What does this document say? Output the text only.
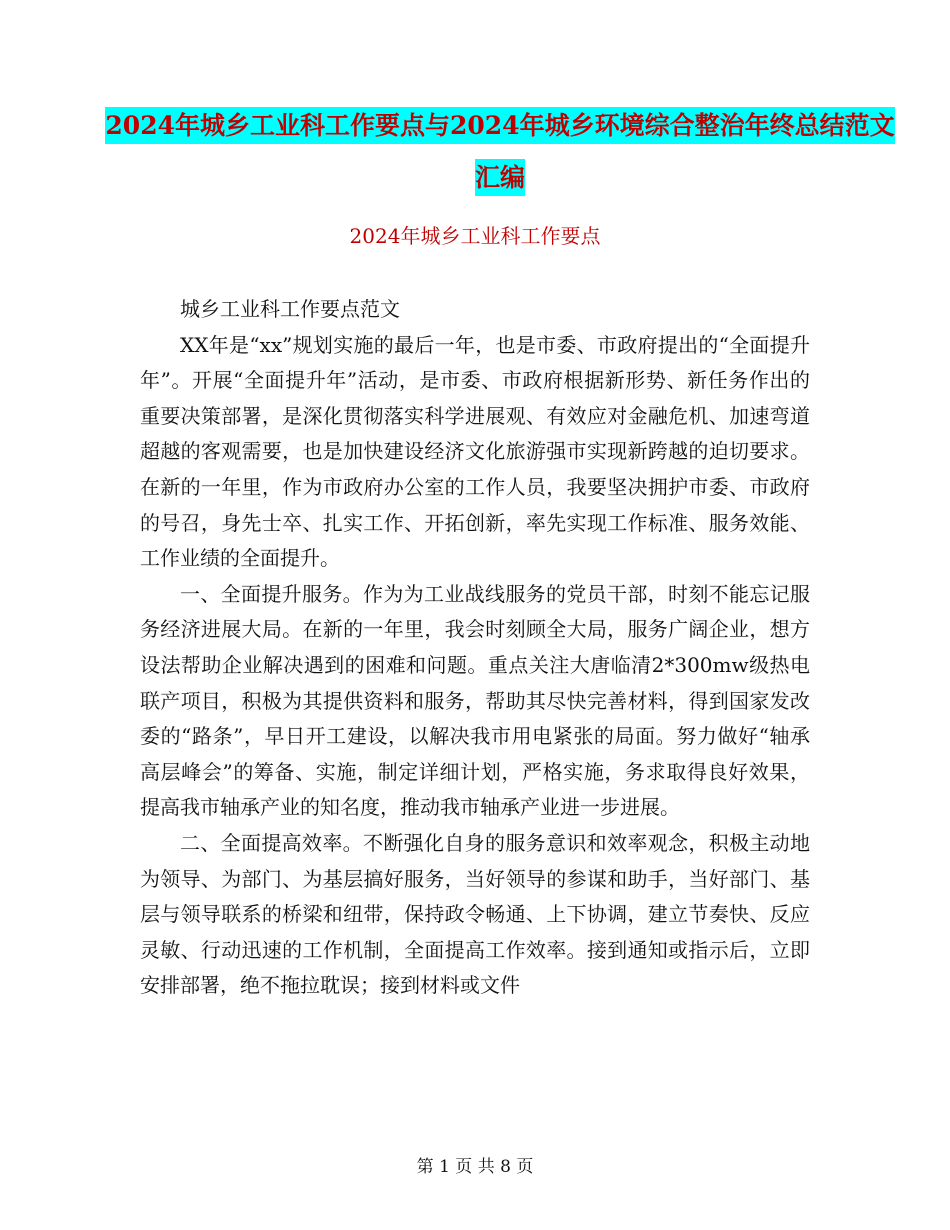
2024年城乡工业科工作要点与2024年城乡环境综合整治年终总结范文汇编
2024年城乡工业科工作要点

城乡工业科工作要点范文

XX年是“xx”规划实施的最后一年，也是市委、市政府提出的“全面提升年”。开展“全面提升年”活动，是市委、市政府根据新形势、新任务作出的重要决策部署，是深化贯彻落实科学进展观、有效应对金融危机、加速弯道超越的客观需要，也是加快建设经济文化旅游强市实现新跨越的迫切要求。在新的一年里，作为市政府办公室的工作人员，我要坚决拥护市委、市政府的号召，身先士卒、扎实工作、开拓创新，率先实现工作标准、服务效能、工作业绩的全面提升。

一、全面提升服务。作为为工业战线服务的党员干部，时刻不能忘记服务经济进展大局。在新的一年里，我会时刻顾全大局，服务广阔企业，想方设法帮助企业解决遇到的困难和问题。重点关注大唐临清2*300mw级热电联产项目，积极为其提供资料和服务，帮助其尽快完善材料，得到国家发改委的“路条”，早日开工建设，以解决我市用电紧张的局面。努力做好“轴承高层峰会”的筹备、实施，制定详细计划，严格实施，务求取得良好效果，提高我市轴承产业的知名度，推动我市轴承产业进一步进展。

二、全面提高效率。不断强化自身的服务意识和效率观念，积极主动地为领导、为部门、为基层搞好服务，当好领导的参谋和助手，当好部门、基层与领导联系的桥梁和纽带，保持政令畅通、上下协调，建立节奏快、反应灵敏、行动迅速的工作机制，全面提高工作效率。接到通知或指示后，立即安排部署，绝不拖拉耽误；接到材料或文件

第 1 页 共 8 页
